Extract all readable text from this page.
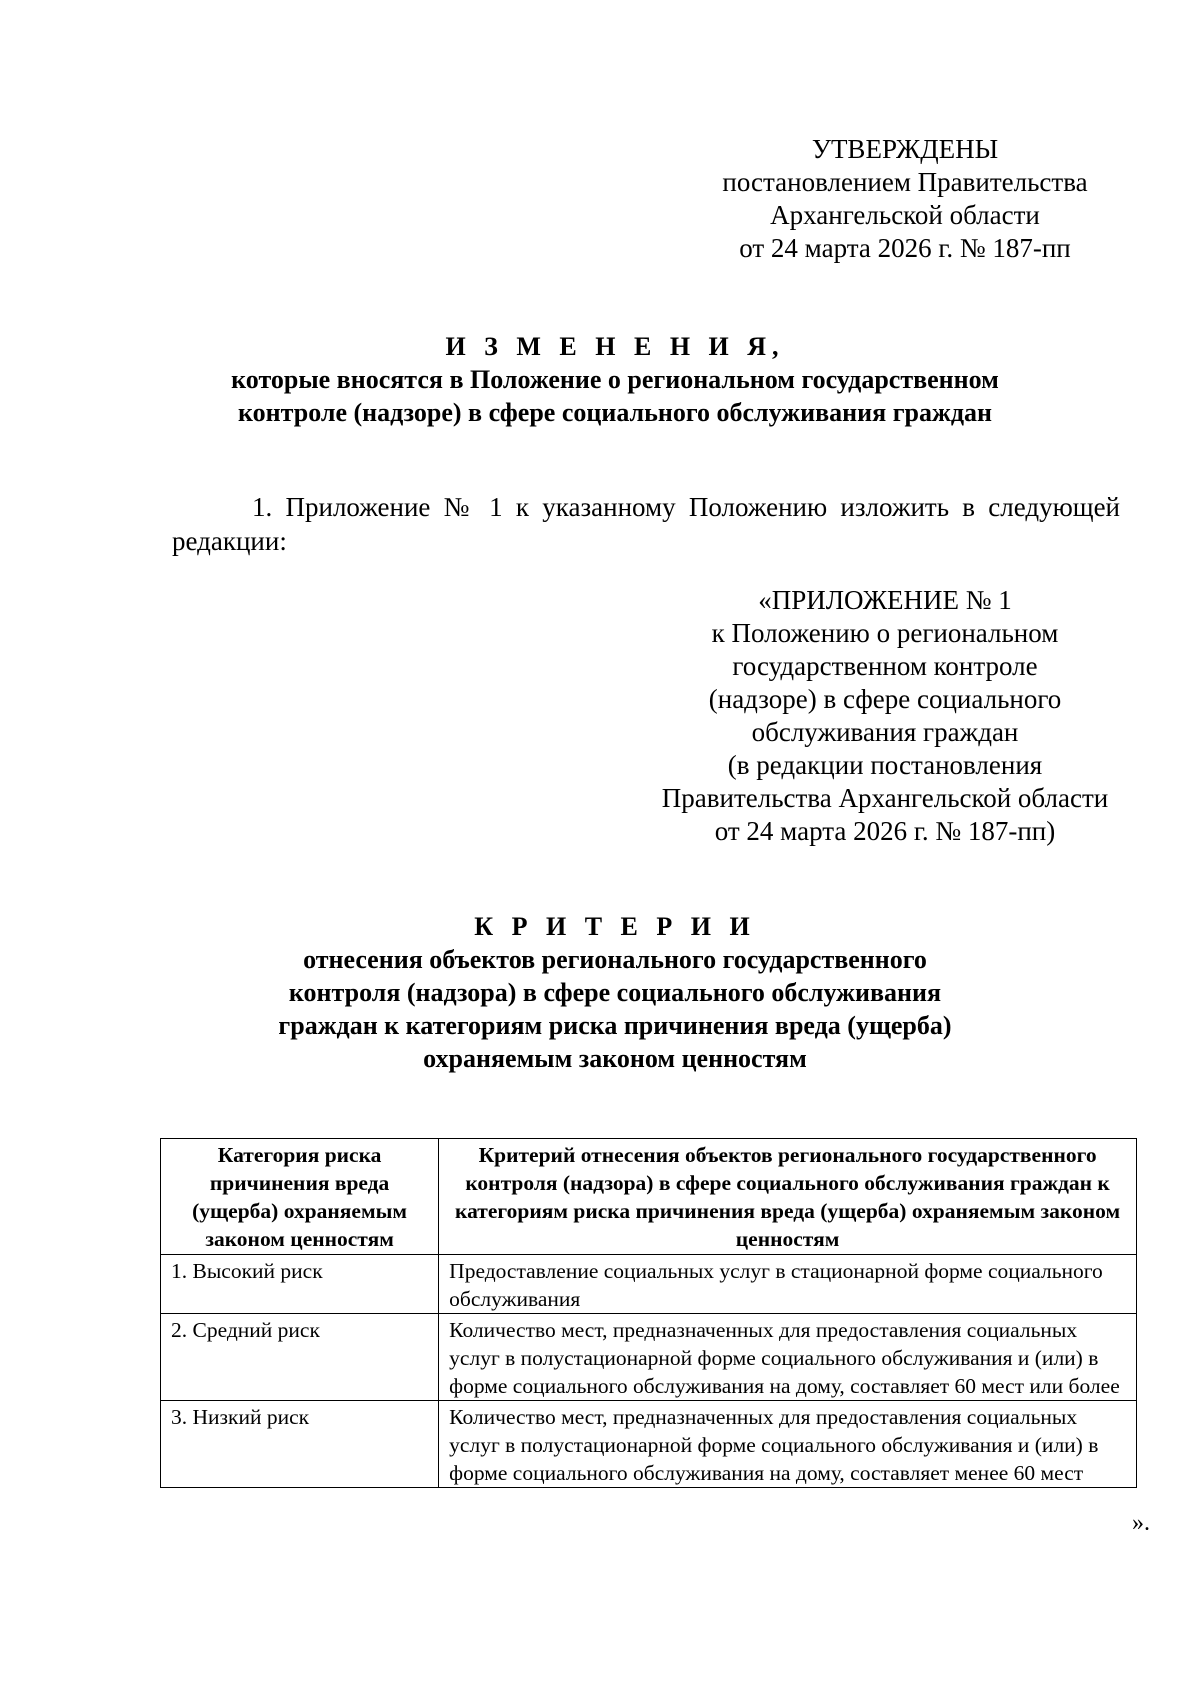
УТВЕРЖДЕНЫ
постановлением Правительства
Архангельской области
от 24 марта 2026 г. № 187-пп
И З М Е Н Е Н И Я,
которые вносятся в Положение о региональном государственном
контроле (надзоре) в сфере социального обслуживания граждан
1. Приложение № 1 к указанному Положению изложить в следующей редакции:
«ПРИЛОЖЕНИЕ № 1
к Положению о региональном
государственном контроле
(надзоре) в сфере социального
обслуживания граждан
(в редакции постановления
Правительства Архангельской области
от 24 марта 2026 г. № 187-пп)
К Р И Т Е Р И И
отнесения объектов регионального государственного
контроля (надзора) в сфере социального обслуживания
граждан к категориям риска причинения вреда (ущерба)
охраняемым законом ценностям
Категория риска причинения вреда (ущерба) охраняемым законом ценностям	Критерий отнесения объектов регионального государственного контроля (надзора) в сфере социального обслуживания граждан к категориям риска причинения вреда (ущерба) охраняемым законом ценностям
1. Высокий риск	Предоставление социальных услуг в стационарной форме социального обслуживания
2. Средний риск	Количество мест, предназначенных для предоставления социальных услуг в полустационарной форме социального обслуживания и (или) в форме социального обслуживания на дому, составляет 60 мест или более
3. Низкий риск	Количество мест, предназначенных для предоставления социальных услуг в полустационарной форме социального обслуживания и (или) в форме социального обслуживания на дому, составляет менее 60 мест
».
